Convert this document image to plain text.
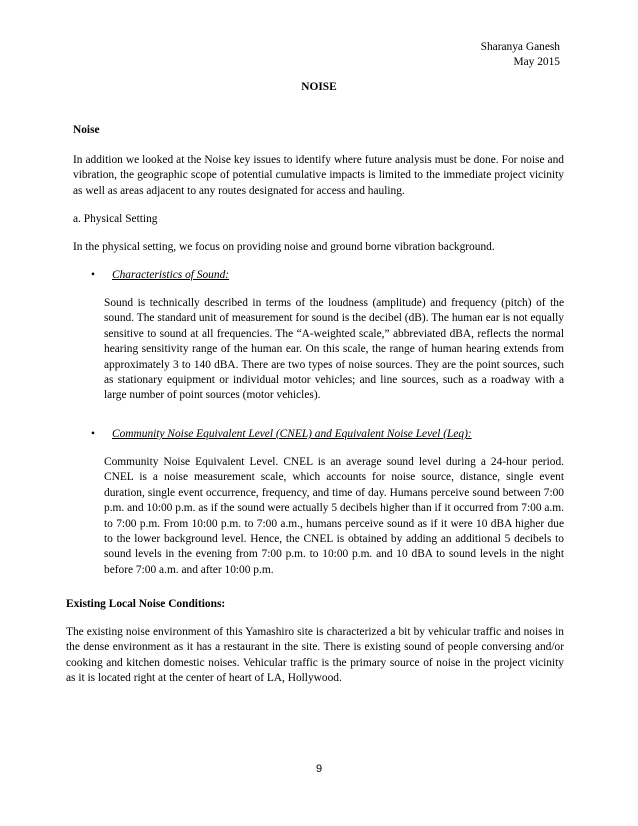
Sharanya Ganesh
May 2015
NOISE
Noise

In addition we looked at the Noise key issues to identify where future analysis must be done. For noise and vibration, the geographic scope of potential cumulative impacts is limited to the immediate project vicinity as well as areas adjacent to any routes designated for access and hauling.

a. Physical Setting

In the physical setting, we focus on providing noise and ground borne vibration background.

• Characteristics of Sound:

Sound is technically described in terms of the loudness (amplitude) and frequency (pitch) of the sound. The standard unit of measurement for sound is the decibel (dB). The human ear is not equally sensitive to sound at all frequencies. The “A-weighted scale,” abbreviated dBA, reflects the normal hearing sensitivity range of the human ear. On this scale, the range of human hearing extends from approximately 3 to 140 dBA. There are two types of noise sources. They are the point sources, such as stationary equipment or individual motor vehicles; and line sources, such as a roadway with a large number of point sources (motor vehicles).

• Community Noise Equivalent Level (CNEL) and Equivalent Noise Level (Leq):

Community Noise Equivalent Level. CNEL is an average sound level during a 24-hour period. CNEL is a noise measurement scale, which accounts for noise source, distance, single event duration, single event occurrence, frequency, and time of day. Humans perceive sound between 7:00 p.m. and 10:00 p.m. as if the sound were actually 5 decibels higher than if it occurred from 7:00 a.m. to 7:00 p.m. From 10:00 p.m. to 7:00 a.m., humans perceive sound as if it were 10 dBA higher due to the lower background level. Hence, the CNEL is obtained by adding an additional 5 decibels to sound levels in the evening from 7:00 p.m. to 10:00 p.m. and 10 dBA to sound levels in the night before 7:00 a.m. and after 10:00 p.m.

Existing Local Noise Conditions:

The existing noise environment of this Yamashiro site is characterized a bit by vehicular traffic and noises in the dense environment as it has a restaurant in the site. There is existing sound of people conversing and/or cooking and kitchen domestic noises. Vehicular traffic is the primary source of noise in the project vicinity as it is located right at the center of heart of LA, Hollywood.

9
